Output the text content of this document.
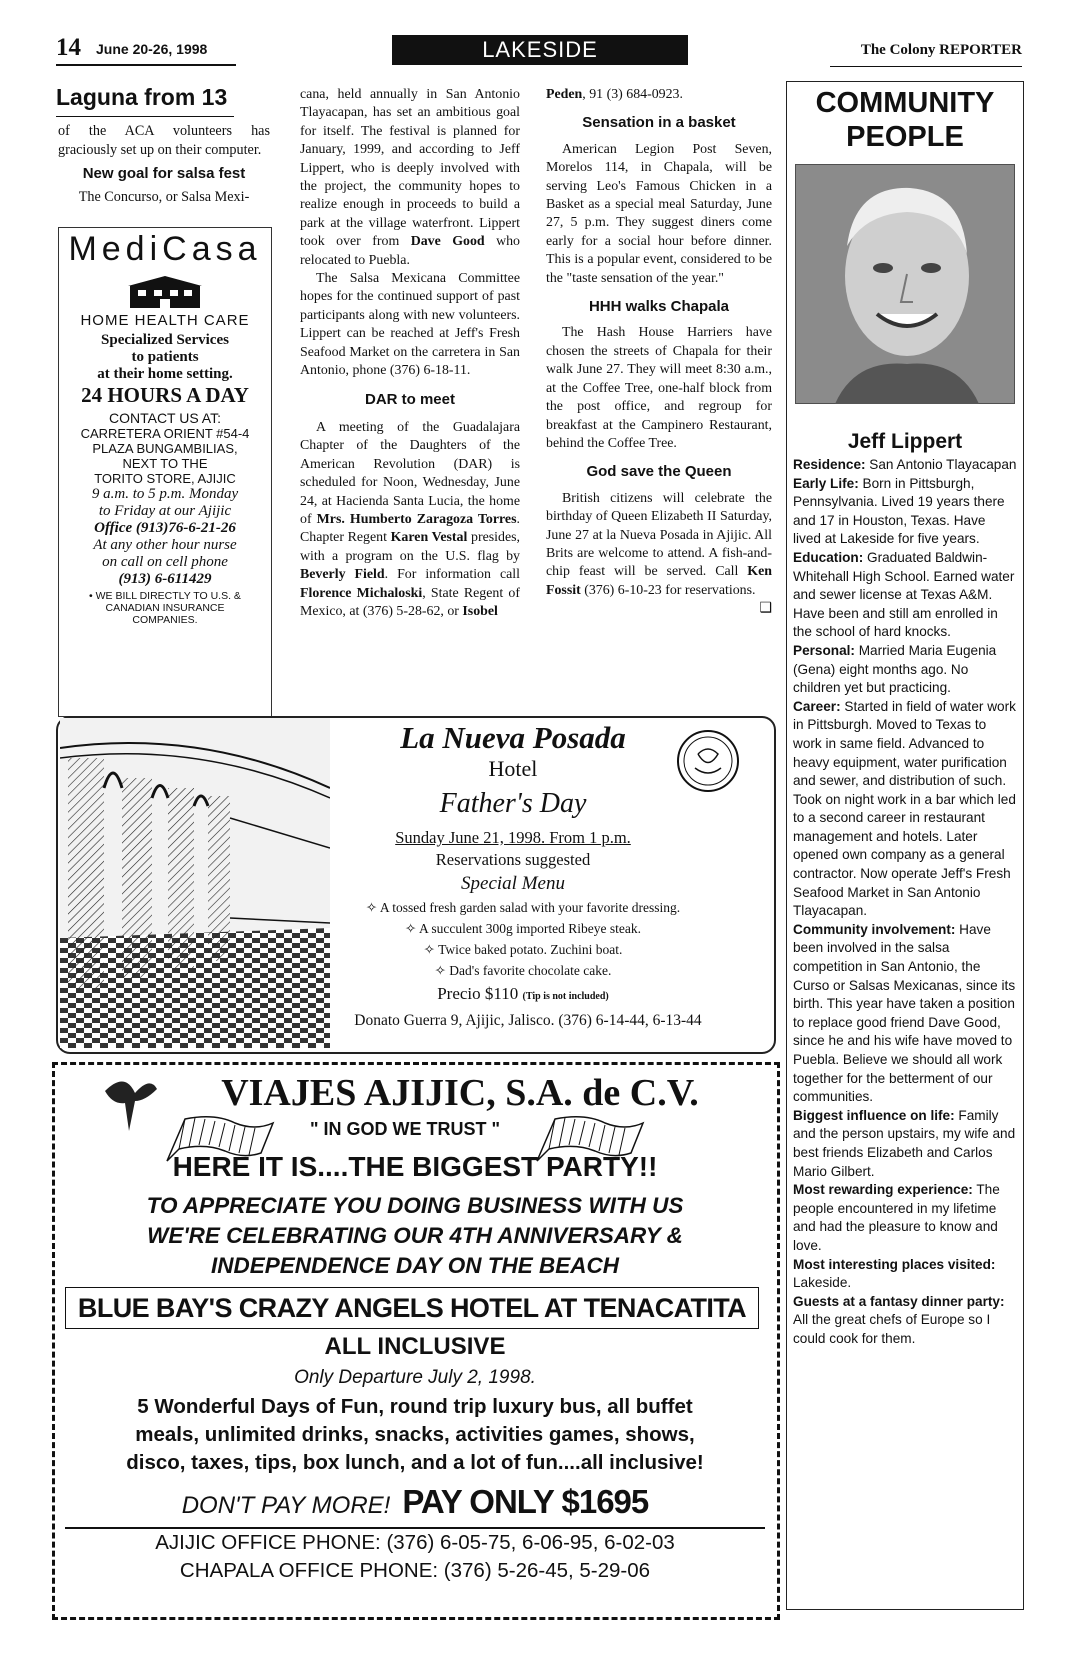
14 June 20-26, 1998	LAKESIDE	The Colony REPORTER
Laguna from 13

of the ACA volunteers has graciously set up on their computer.

New goal for salsa fest

The Concurso, or Salsa Mexi-

MediCasa
HOME HEALTH CARE
Specialized Services
to patients
at their home setting.
24 HOURS A DAY
CONTACT US AT:
CARRETERA ORIENT #54-4
PLAZA BUNGAMBILIAS,
NEXT TO THE
TORITO STORE, AJIJIC
9 a.m. to 5 p.m. Monday
to Friday at our Ajijic
Office (913)76-6-21-26
At any other hour nurse
on call on cell phone
(913) 6-611429
• WE BILL DIRECTLY TO U.S. &
CANADIAN INSURANCE
COMPANIES.

cana, held annually in San Antonio Tlayacapan, has set an ambitious goal for itself. The festival is planned for January, 1999, and according to Jeff Lippert, who is deeply involved with the project, the community hopes to realize enough in proceeds to build a park at the village waterfront. Lippert took over from Dave Good who relocated to Puebla.

The Salsa Mexicana Committee hopes for the continued support of past participants along with new volunteers. Lippert can be reached at Jeff's Fresh Seafood Market on the carretera in San Antonio, phone (376) 6-18-11.

DAR to meet

A meeting of the Guadalajara Chapter of the Daughters of the American Revolution (DAR) is scheduled for Noon, Wednesday, June 24, at Hacienda Santa Lucia, the home of Mrs. Humberto Zaragoza Torres. Chapter Regent Karen Vestal presides, with a program on the U.S. flag by Beverly Field. For information call Florence Michaloski, State Regent of Mexico, at (376) 5-28-62, or Isobel

Peden, 91 (3) 684-0923.

Sensation in a basket

American Legion Post Seven, Morelos 114, in Chapala, will be serving Leo's Famous Chicken in a Basket as a special meal Saturday, June 27, 5 p.m. They suggest diners come early for a social hour before dinner. This is a popular event, considered to be the "taste sensation of the year."

HHH walks Chapala

The Hash House Harriers have chosen the streets of Chapala for their walk June 27. They will meet 8:30 a.m., at the Coffee Tree, one-half block from the post office, and regroup for breakfast at the Campinero Restaurant, behind the Coffee Tree.

God save the Queen

British citizens will celebrate the birthday of Queen Elizabeth II Saturday, June 27 at la Nueva Posada in Ajijic. All Brits are welcome to attend. A fish-and-chip feast will be served. Call Ken Fossit (376) 6-10-23 for reservations.
❑

La Nueva Posada
Hotel
Father's Day
Sunday June 21, 1998. From 1 p.m.
Reservations suggested
Special Menu
✧ A tossed fresh garden salad with your favorite dressing.
✧ A succulent 300g imported Ribeye steak.
✧ Twice baked potato. Zuchini boat.
✧ Dad's favorite chocolate cake.
Precio $110 (Tip is not included)
Donato Guerra 9, Ajijic, Jalisco. (376) 6-14-44, 6-13-44
VIAJES AJIJIC, S.A. de C.V.
" IN GOD WE TRUST "
HERE IT IS....THE BIGGEST PARTY!!
TO APPRECIATE YOU DOING BUSINESS WITH US
WE'RE CELEBRATING OUR 4TH ANNIVERSARY &
INDEPENDENCE DAY ON THE BEACH
BLUE BAY'S CRAZY ANGELS HOTEL AT TENACATITA
ALL INCLUSIVE
Only Departure July 2, 1998.
5 Wonderful Days of Fun, round trip luxury bus, all buffet
meals, unlimited drinks, snacks, activities games, shows,
disco, taxes, tips, box lunch, and a lot of fun....all inclusive!
DON'T PAY MORE! PAY ONLY $1695
AJIJIC OFFICE PHONE: (376) 6-05-75, 6-06-95, 6-02-03
CHAPALA OFFICE PHONE: (376) 5-26-45, 5-29-06
COMMUNITY
PEOPLE
Jeff Lippert
Residence: San Antonio Tlayacapan
Early Life: Born in Pittsburgh, Pennsylvania. Lived 19 years there and 17 in Houston, Texas. Have lived at Lakeside for five years.
Education: Graduated Baldwin-Whitehall High School. Earned water and sewer license at Texas A&M. Have been and still am enrolled in the school of hard knocks.
Personal: Married Maria Eugenia (Gena) eight months ago. No children yet but practicing.
Career: Started in field of water work in Pittsburgh. Moved to Texas to work in same field. Advanced to heavy equipment, water purification and sewer, and distribution of such. Took on night work in a bar which led to a second career in restaurant management and hotels. Later opened own company as a general contractor. Now operate Jeff's Fresh Seafood Market in San Antonio Tlayacapan.
Community involvement: Have been involved in the salsa competition in San Antonio, the Curso or Salsas Mexicanas, since its birth. This year have taken a position to replace good friend Dave Good, since he and his wife have moved to Puebla. Believe we should all work together for the betterment of our communities.
Biggest influence on life: Family and the person upstairs, my wife and best friends Elizabeth and Carlos Mario Gilbert.
Most rewarding experience: The people encountered in my lifetime and had the pleasure to know and love.
Most interesting places visited: Lakeside.
Guests at a fantasy dinner party: All the great chefs of Europe so I could cook for them.
